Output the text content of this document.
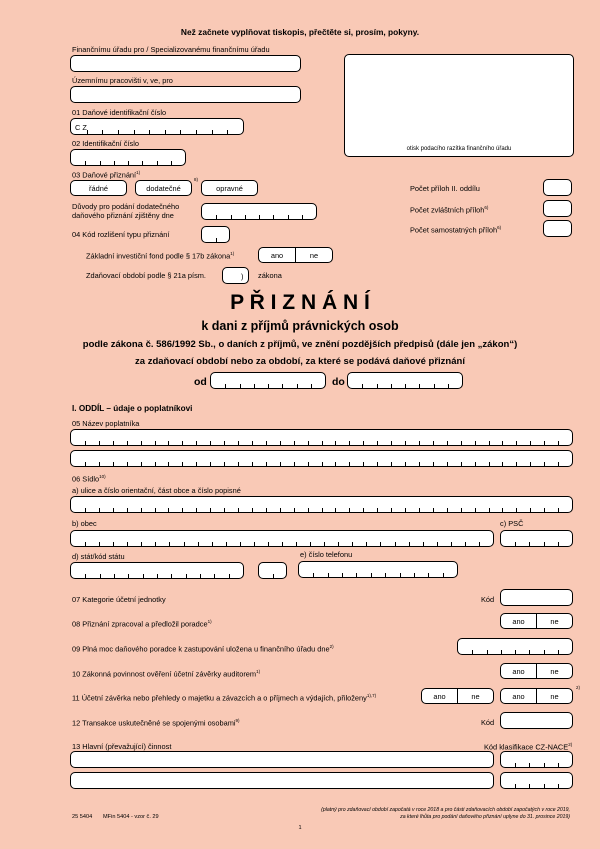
Než začnete vyplňovat tiskopis, přečtěte si, prosím, pokyny.
Finančnímu úřadu pro / Specializovanému finančnímu úřadu
Územnímu pracovišti v, ve, pro
01 Daňové identifikační číslo
C Z
02 Identifikační číslo
otisk podacího razítka finančního úřadu
03 Daňové přiznání$^{1)}$
řádné	dodatečné
8)
opravné
Důvody pro podání dodatečného
daňového přiznání zjištěny dne
04 Kód rozlišení typu přiznání
Základní investiční fond podle § 17b zákona$^{1)}$	ano	ne
Zdaňovací období podle § 21a písm.	) zákona
Počet příloh II. oddílu
Počet zvláštních příloh$^{6)}$
Počet samostatných příloh$^{6)}$
P Ř I Z N Á N Í
k dani z příjmů právnických osob
podle zákona č. 586/1992 Sb., o daních z příjmů, ve znění pozdějších předpisů (dále jen „zákon“)
za zdaňovací období nebo za období, za které se podává daňové přiznání
od	do
I. ODDÍL – údaje o poplatníkovi
05 Název poplatníka
06 Sídlo$^{10)}$
a) ulice a číslo orientační, část obce a číslo popisné
b) obec	c) PSČ
d) stát/kód státu	e) číslo telefonu
07 Kategorie účetní jednotky	Kód
08 Přiznání zpracoval a předložil poradce$^{1)}$	ano	ne
09 Plná moc daňového poradce k zastupování uložena u finančního úřadu dne$^{2)}$
10 Zákonná povinnost ověření účetní závěrky auditorem$^{1)}$	ano	ne
11 Účetní závěrka nebo přehledy o majetku a závazcích a o příjmech a výdajích, přiloženy$^{1),7)}$	ano	ne	ano	ne
2)
12 Transakce uskutečněné se spojenými osobami$^{9)}$	Kód
13 Hlavní (převažující) činnost	Kód klasifikace CZ-NACE$^{2)}$
(platný pro zdaňovací období započatá v roce 2018 a pro části zdaňovacích období započatých v roce 2019,
za které lhůta pro podání daňového přiznání uplyne do 31. prosince 2019)
25 5404 MFin 5404 - vzor č. 29
1
